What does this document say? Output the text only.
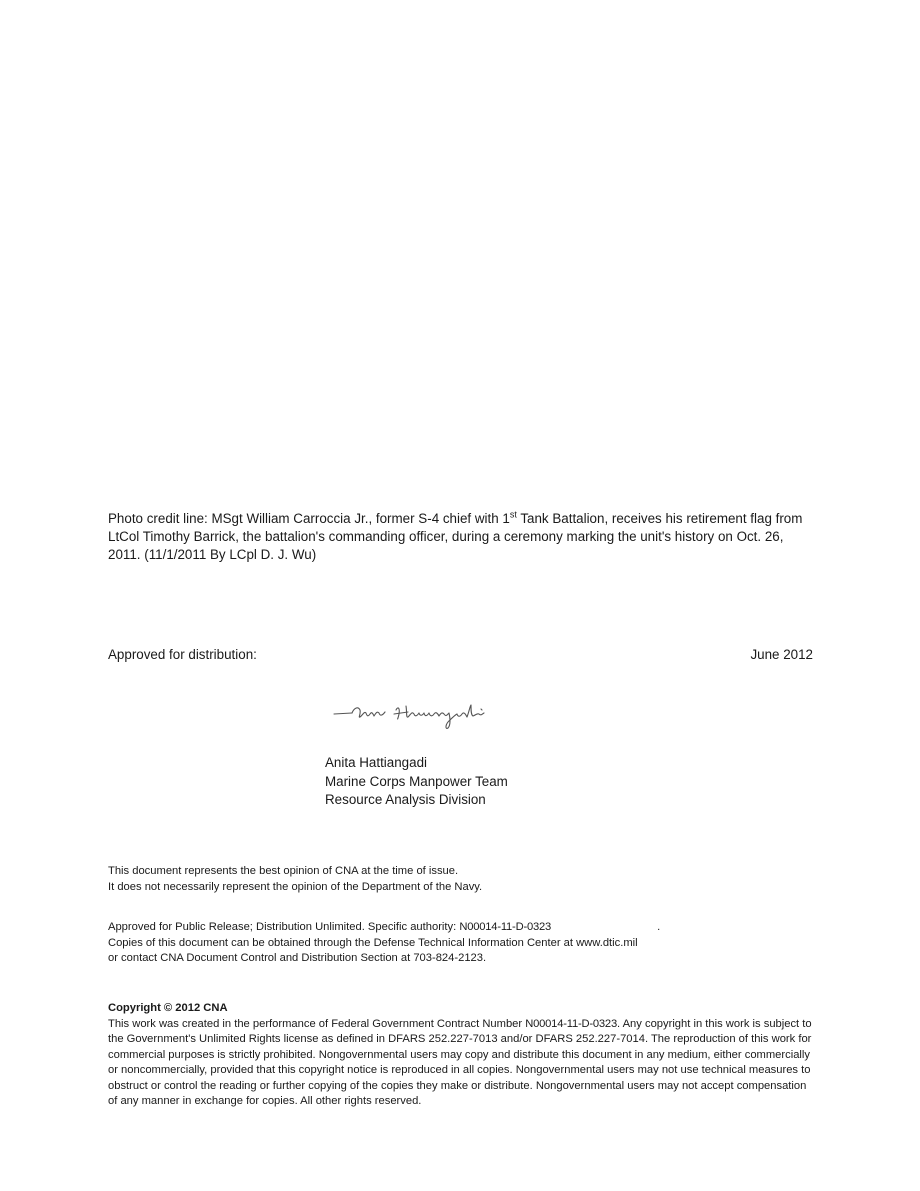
Photo credit line: MSgt William Carroccia Jr., former S-4 chief with 1st Tank Battalion, receives his retirement flag from LtCol Timothy Barrick, the battalion's commanding officer, during a ceremony marking the unit's history on Oct. 26, 2011. (11/1/2011 By LCpl D. J. Wu)
Approved for distribution:	June 2012
Anita Hattiangadi
Marine Corps Manpower Team
Resource Analysis Division
This document represents the best opinion of CNA at the time of issue.
It does not necessarily represent the opinion of the Department of the Navy.
Approved for Public Release; Distribution Unlimited. Specific authority: N00014-11-D-0323	.
Copies of this document can be obtained through the Defense Technical Information Center at www.dtic.mil
or contact CNA Document Control and Distribution Section at 703-824-2123.
Copyright © 2012 CNA
This work was created in the performance of Federal Government Contract Number N00014-11-D-0323. Any copyright in this work is subject to the Government's Unlimited Rights license as defined in DFARS 252.227-7013 and/or DFARS 252.227-7014. The reproduction of this work for commercial purposes is strictly prohibited. Nongovernmental users may copy and distribute this document in any medium, either commercially or noncommercially, provided that this copyright notice is reproduced in all copies. Nongovernmental users may not use technical measures to obstruct or control the reading or further copying of the copies they make or distribute. Nongovernmental users may not accept compensation of any manner in exchange for copies. All other rights reserved.
